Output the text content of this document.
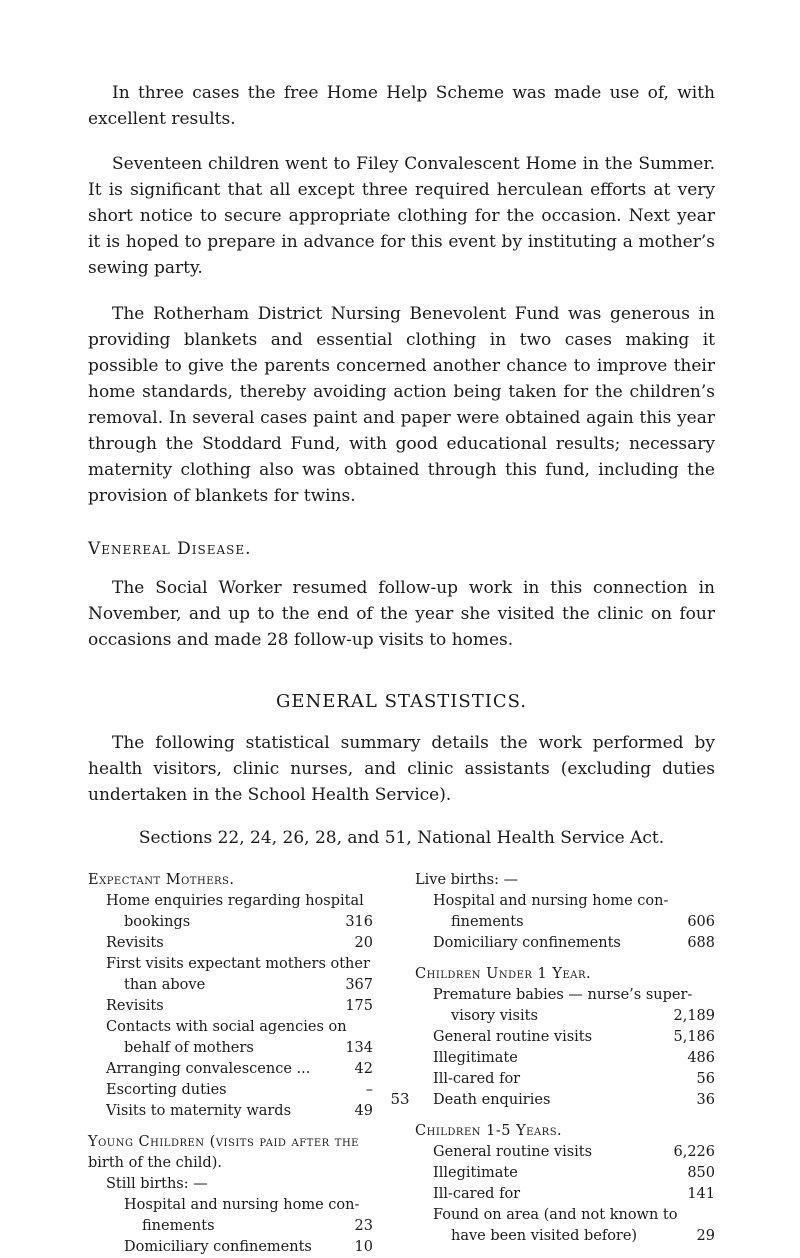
In three cases the free Home Help Scheme was made use of, with excellent results.

Seventeen children went to Filey Convalescent Home in the Summer. It is significant that all except three required herculean efforts at very short notice to secure appropriate clothing for the occasion. Next year it is hoped to prepare in advance for this event by instituting a mother’s sewing party.

The Rotherham District Nursing Benevolent Fund was generous in providing blankets and essential clothing in two cases making it possible to give the parents concerned another chance to improve their home standards, thereby avoiding action being taken for the children’s removal. In several cases paint and paper were obtained again this year through the Stoddard Fund, with good educational results; necessary maternity clothing also was obtained through this fund, including the provision of blankets for twins.

Venereal Disease.

The Social Worker resumed follow-up work in this connection in November, and up to the end of the year she visited the clinic on four occasions and made 28 follow-up visits to homes.

GENERAL STASTISTICS.

The following statistical summary details the work performed by health visitors, clinic nurses, and clinic assistants (excluding duties undertaken in the School Health Service).

Sections 22, 24, 26, 28, and 51, National Health Service Act.
Expectant Mothers.
Home enquiries regarding hospital
bookings	316
Revisits	20
First visits expectant mothers other
than above	367
Revisits	175
Contacts with social agencies on
behalf of mothers	134
Arranging convalescence ...	42
Escorting duties	–
Visits to maternity wards	49
Young Children (visits paid after the
birth of the child).
Still births: —
Hospital and nursing home con-
finements	23
Domiciliary confinements	10
Live births: —
Hospital and nursing home con-
finements	606
Domiciliary confinements	688
Children Under 1 Year.
Premature babies — nurse’s super-
visory visits	2,189
General routine visits	5,186
Illegitimate	486
Ill-cared for	56
Death enquiries	36
Children 1-5 Years.
General routine visits	6,226
Illegitimate	850
Ill-cared for	141
Found on area (and not known to
have been visited before)	29
53
